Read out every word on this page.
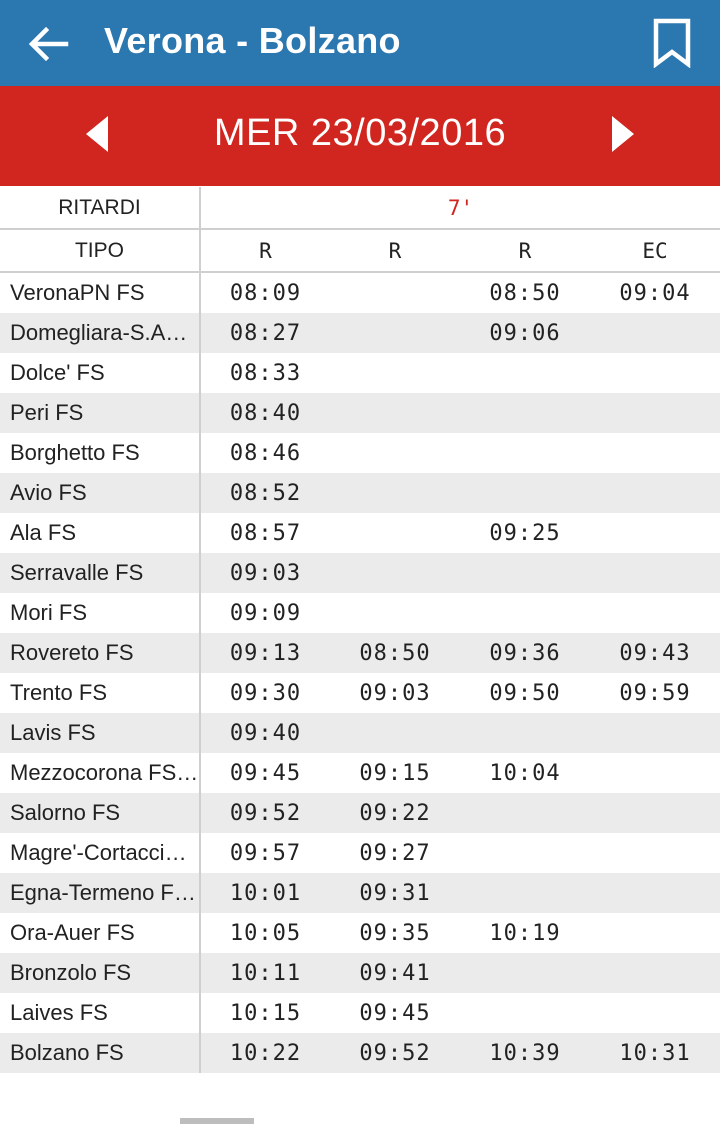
Verona - Bolzano
MER 23/03/2016
RITARDI	7'			
TIPO	R	R	R	EC
VeronaPN FS	08:09		08:50	09:04
Domegliara-S.A…	08:27		09:06	
Dolce' FS	08:33			
Peri FS	08:40			
Borghetto FS	08:46			
Avio FS	08:52			
Ala FS	08:57		09:25	
Serravalle FS	09:03			
Mori FS	09:09			
Rovereto FS	09:13	08:50	09:36	09:43
Trento FS	09:30	09:03	09:50	09:59
Lavis FS	09:40			
Mezzocorona FS…	09:45	09:15	10:04	
Salorno FS	09:52	09:22		
Magre'-Cortacci…	09:57	09:27		
Egna-Termeno F…	10:01	09:31		
Ora-Auer FS	10:05	09:35	10:19	
Bronzolo FS	10:11	09:41		
Laives FS	10:15	09:45		
Bolzano FS	10:22	09:52	10:39	10:31
